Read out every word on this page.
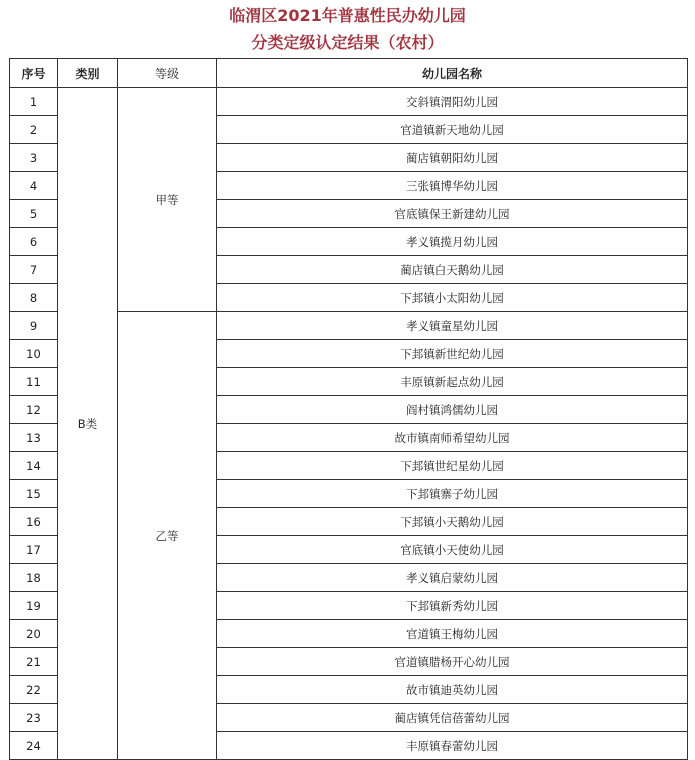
临渭区2021年普惠性民办幼儿园
分类定级认定结果（农村）
序号	类别	等级	幼儿园名称
1	B类	甲等	交斜镇渭阳幼儿园
2			官道镇新天地幼儿园
3			蔺店镇朝阳幼儿园
4			三张镇博华幼儿园
5			官底镇保王新建幼儿园
6			孝义镇揽月幼儿园
7			蔺店镇白天鹅幼儿园
8			下邽镇小太阳幼儿园
9		乙等	孝义镇童星幼儿园
10			下邽镇新世纪幼儿园
11			丰原镇新起点幼儿园
12			阎村镇鸿儒幼儿园
13			故市镇南师希望幼儿园
14			下邽镇世纪星幼儿园
15			下邽镇寨子幼儿园
16			下邽镇小天鹅幼儿园
17			官底镇小天使幼儿园
18			孝义镇启蒙幼儿园
19			下邽镇新秀幼儿园
20			官道镇王梅幼儿园
21			官道镇腊杨开心幼儿园
22			故市镇迪英幼儿园
23			蔺店镇凭信蓓蕾幼儿园
24			丰原镇春蕾幼儿园
